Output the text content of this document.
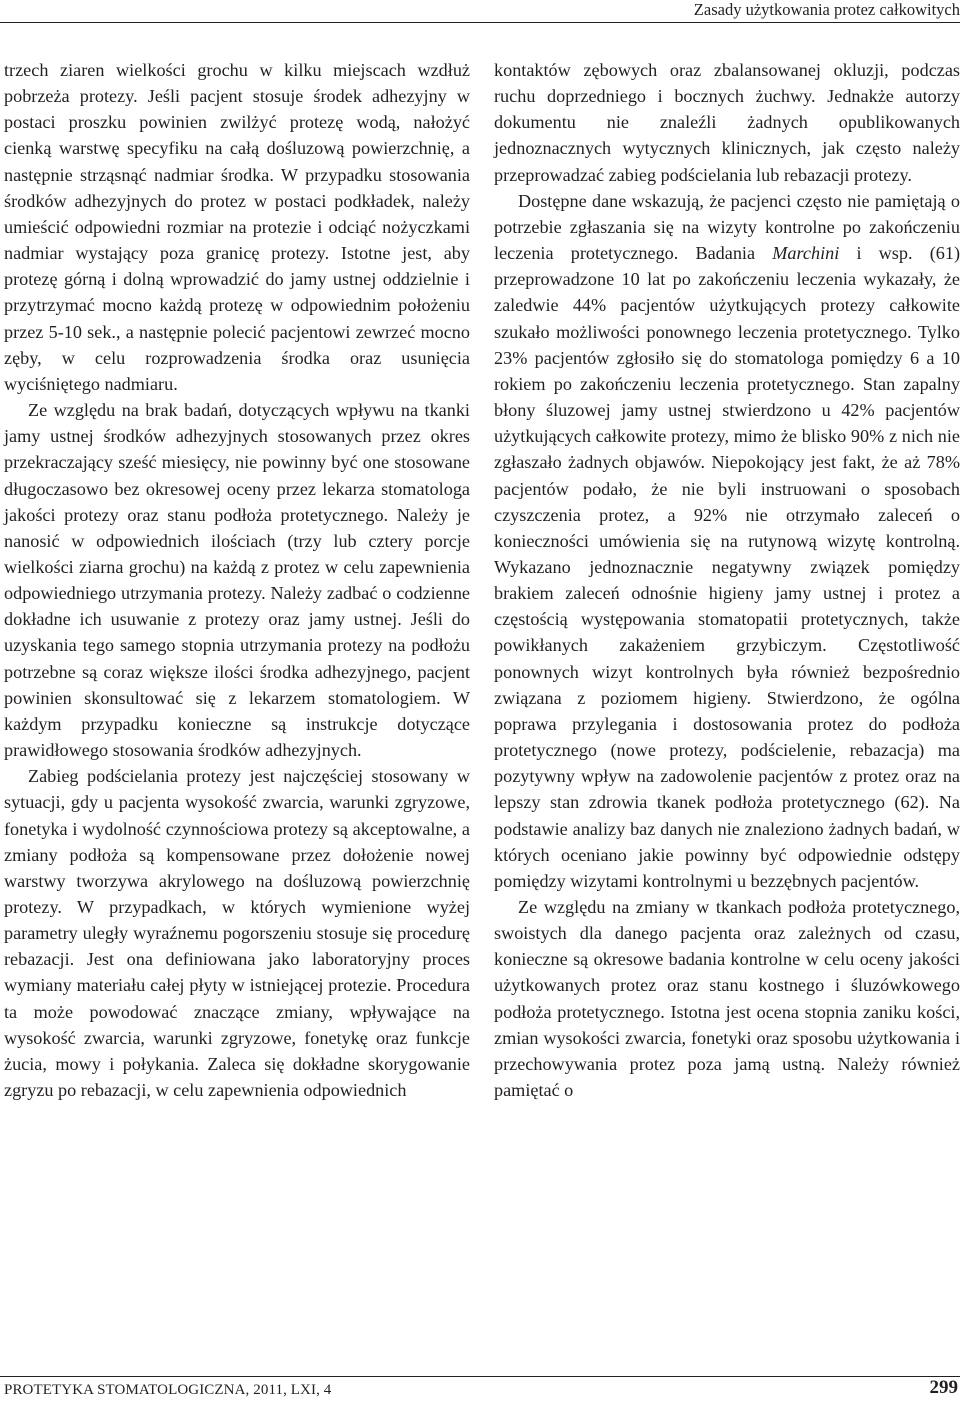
Zasady użytkowania protez całkowitych

trzech ziaren wielkości grochu w kilku miejscach wzdłuż pobrzeża protezy. Jeśli pacjent stosuje środek adhezyjny w postaci proszku powinien zwilżyć protezę wodą, nałożyć cienką warstwę specyfiku na całą dośluzową powierzchnię, a następnie strząsnąć nadmiar środka. W przypadku stosowania środków adhezyjnych do protez w postaci podkładek, należy umieścić odpowiedni rozmiar na protezie i odciąć nożyczkami nadmiar wystający poza granicę protezy. Istotne jest, aby protezę górną i dolną wprowadzić do jamy ustnej oddzielnie i przytrzymać mocno każdą protezę w odpowiednim położeniu przez 5-10 sek., a następnie polecić pacjentowi zewrzeć mocno zęby, w celu rozprowadzenia środka oraz usunięcia wyciśniętego nadmiaru.

Ze względu na brak badań, dotyczących wpływu na tkanki jamy ustnej środków adhezyjnych stosowanych przez okres przekraczający sześć miesięcy, nie powinny być one stosowane długoczasowo bez okresowej oceny przez lekarza stomatologa jakości protezy oraz stanu podłoża protetycznego. Należy je nanosić w odpowiednich ilościach (trzy lub cztery porcje wielkości ziarna grochu) na każdą z protez w celu zapewnienia odpowiedniego utrzymania protezy. Należy zadbać o codzienne dokładne ich usuwanie z protezy oraz jamy ustnej. Jeśli do uzyskania tego samego stopnia utrzymania protezy na podłożu potrzebne są coraz większe ilości środka adhezyjnego, pacjent powinien skonsultować się z lekarzem stomatologiem. W każdym przypadku konieczne są instrukcje dotyczące prawidłowego stosowania środków adhezyjnych.

Zabieg podścielania protezy jest najczęściej stosowany w sytuacji, gdy u pacjenta wysokość zwarcia, warunki zgryzowe, fonetyka i wydolność czynnościowa protezy są akceptowalne, a zmiany podłoża są kompensowane przez dołożenie nowej warstwy tworzywa akrylowego na dośluzową powierzchnię protezy. W przypadkach, w których wymienione wyżej parametry uległy wyraźnemu pogorszeniu stosuje się procedurę rebazacji. Jest ona definiowana jako laboratoryjny proces wymiany materiału całej płyty w istniejącej protezie. Procedura ta może powodować znaczące zmiany, wpływające na wysokość zwarcia, warunki zgryzowe, fonetykę oraz funkcje żucia, mowy i połykania. Zaleca się dokładne skorygowanie zgryzu po rebazacji, w celu zapewnienia odpowiednich

kontaktów zębowych oraz zbalansowanej okluzji, podczas ruchu doprzedniego i bocznych żuchwy. Jednakże autorzy dokumentu nie znaleźli żadnych opublikowanych jednoznacznych wytycznych klinicznych, jak często należy przeprowadzać zabieg podścielania lub rebazacji protezy.

Dostępne dane wskazują, że pacjenci często nie pamiętają o potrzebie zgłaszania się na wizyty kontrolne po zakończeniu leczenia protetycznego. Badania Marchini i wsp. (61) przeprowadzone 10 lat po zakończeniu leczenia wykazały, że zaledwie 44% pacjentów użytkujących protezy całkowite szukało możliwości ponownego leczenia protetycznego. Tylko 23% pacjentów zgłosiło się do stomatologa pomiędzy 6 a 10 rokiem po zakończeniu leczenia protetycznego. Stan zapalny błony śluzowej jamy ustnej stwierdzono u 42% pacjentów użytkujących całkowite protezy, mimo że blisko 90% z nich nie zgłaszało żadnych objawów. Niepokojący jest fakt, że aż 78% pacjentów podało, że nie byli instruowani o sposobach czyszczenia protez, a 92% nie otrzymało zaleceń o konieczności umówienia się na rutynową wizytę kontrolną. Wykazano jednoznacznie negatywny związek pomiędzy brakiem zaleceń odnośnie higieny jamy ustnej i protez a częstością występowania stomatopatii protetycznych, także powikłanych zakażeniem grzybiczym. Częstotliwość ponownych wizyt kontrolnych była również bezpośrednio związana z poziomem higieny. Stwierdzono, że ogólna poprawa przylegania i dostosowania protez do podłoża protetycznego (nowe protezy, podścielenie, rebazacja) ma pozytywny wpływ na zadowolenie pacjentów z protez oraz na lepszy stan zdrowia tkanek podłoża protetycznego (62). Na podstawie analizy baz danych nie znaleziono żadnych badań, w których oceniano jakie powinny być odpowiednie odstępy pomiędzy wizytami kontrolnymi u bezzębnych pacjentów.

Ze względu na zmiany w tkankach podłoża protetycznego, swoistych dla danego pacjenta oraz zależnych od czasu, konieczne są okresowe badania kontrolne w celu oceny jakości użytkowanych protez oraz stanu kostnego i śluzówkowego podłoża protetycznego. Istotna jest ocena stopnia zaniku kości, zmian wysokości zwarcia, fonetyki oraz sposobu użytkowania i przechowywania protez poza jamą ustną. Należy również pamiętać o

PROTETYKA STOMATOLOGICZNA, 2011, LXI, 4	299
